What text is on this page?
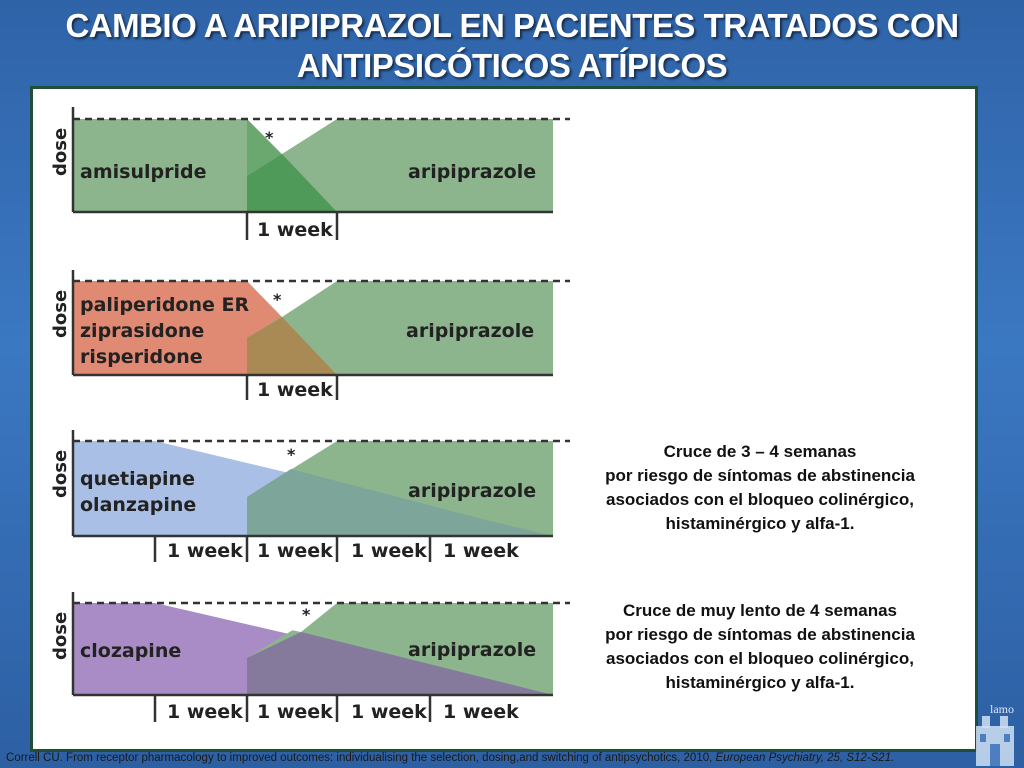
CAMBIO A ARIPIPRAZOL EN PACIENTES TRATADOS CON
ANTIPSICÓTICOS ATÍPICOS
dose amisulpride	aripiprazole
*
1 week
dose paliperidone ER
ziprasidone
risperidone
aripiprazole
*
1 week
dose quetiapine
olanzapine
aripiprazole
*
1 week 1 week 1 week 1 week
dose clozapine	aripiprazole
*
1 week 1 week 1 week 1 week
Cruce de 3 – 4 semanas
por riesgo de síntomas de abstinencia
asociados con el bloqueo colinérgico,
histaminérgico y alfa-1.
Cruce de muy lento de 4 semanas
por riesgo de síntomas de abstinencia
asociados con el bloqueo colinérgico,
histaminérgico y alfa-1.
Correll CU. From receptor pharmacology to improved outcomes: individualising the selection, dosing,and switching of antipsychotics, 2010, European Psychiatry, 25, S12-S21.
lamo
